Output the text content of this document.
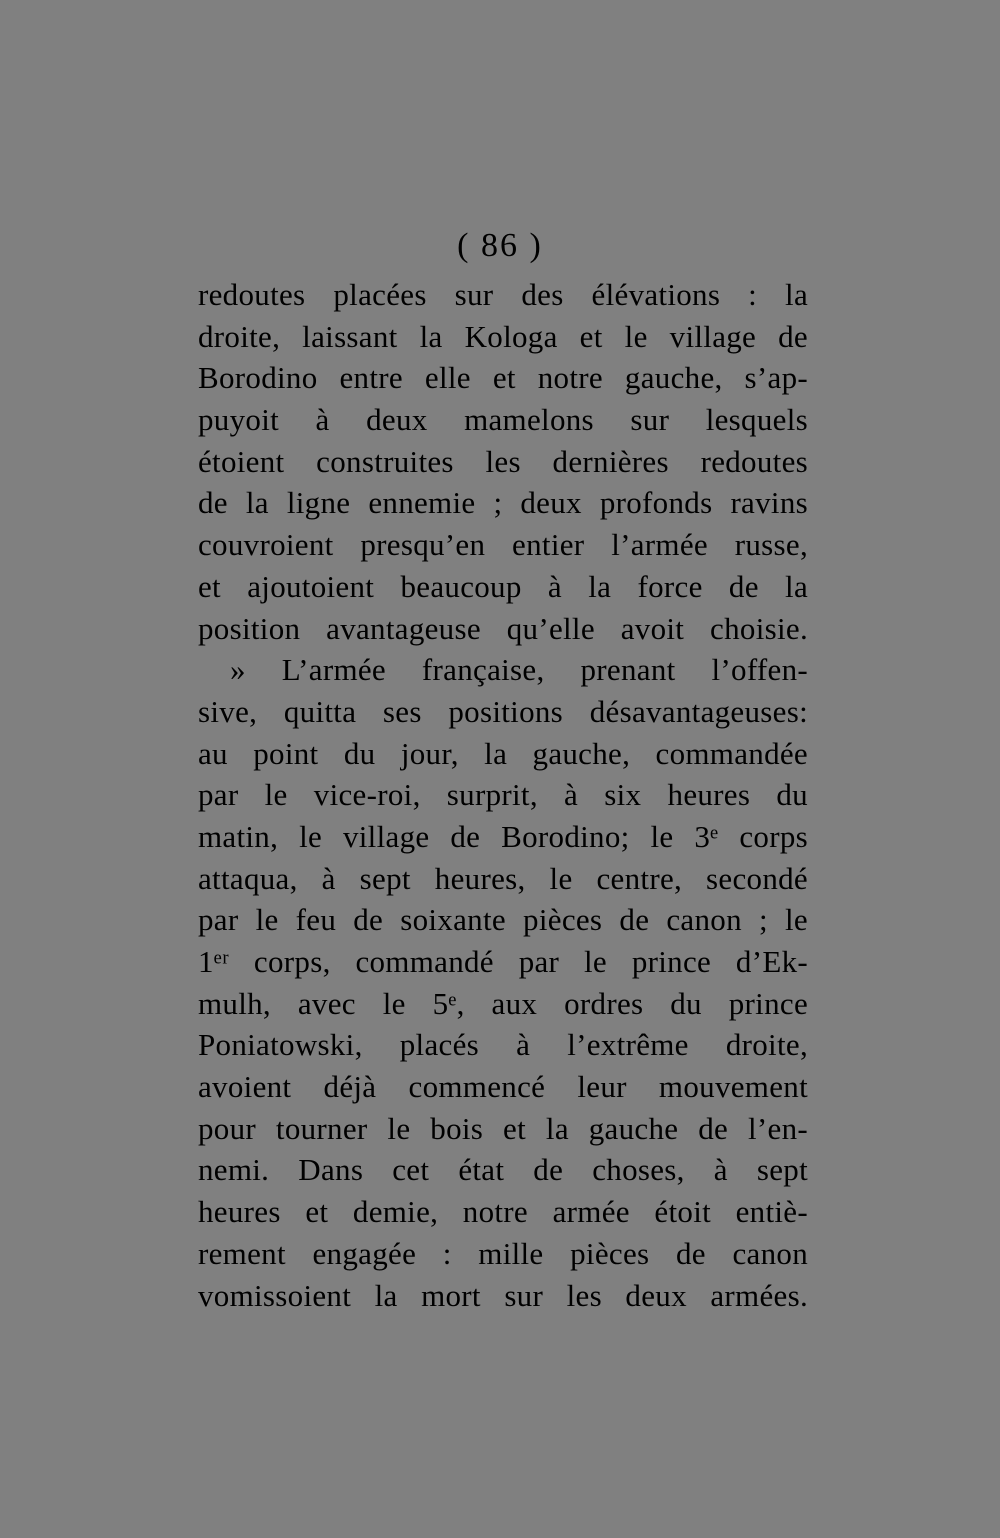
( 86 )
redoutes placées sur des élévations : la
droite, laissant la Kologa et le village de
Borodino entre elle et notre gauche, s’ap-
puyoit à deux mamelons sur lesquels
étoient construites les dernières redoutes
de la ligne ennemie ; deux profonds ravins
couvroient presqu’en entier l’armée russe,
et ajoutoient beaucoup à la force de la
position avantageuse qu’elle avoit choisie.
» L’armée française, prenant l’offen-
sive, quitta ses positions désavantageuses:
au point du jour, la gauche, commandée
par le vice-roi, surprit, à six heures du
matin, le village de Borodino; le 3ᵉ corps
attaqua, à sept heures, le centre, secondé
par le feu de soixante pièces de canon ; le
1ᵉʳ corps, commandé par le prince d’Ek-
mulh, avec le 5ᵉ, aux ordres du prince
Poniatowski, placés à l’extrême droite,
avoient déjà commencé leur mouvement
pour tourner le bois et la gauche de l’en-
nemi. Dans cet état de choses, à sept
heures et demie, notre armée étoit entiè-
rement engagée : mille pièces de canon
vomissoient la mort sur les deux armées.
